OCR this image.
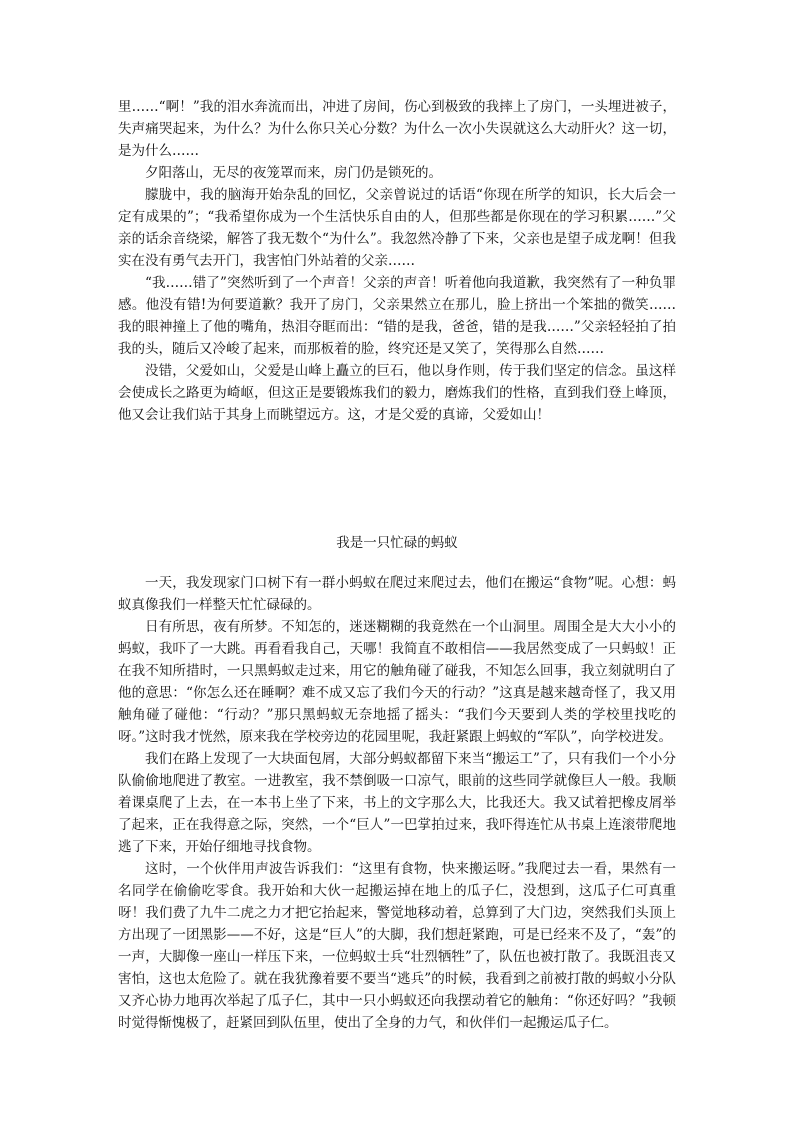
里……“啊！”我的泪水奔流而出，冲进了房间，伤心到极致的我摔上了房门，一头埋进被子，失声痛哭起来，为什么？为什么你只关心分数？为什么一次小失误就这么大动肝火？这一切，是为什么……

夕阳落山，无尽的夜笼罩而来，房门仍是锁死的。

朦胧中，我的脑海开始杂乱的回忆，父亲曾说过的话语“你现在所学的知识，长大后会一定有成果的”；“我希望你成为一个生活快乐自由的人，但那些都是你现在的学习积累……”父亲的话余音绕梁，解答了我无数个“为什么”。我忽然冷静了下来，父亲也是望子成龙啊！但我实在没有勇气去开门，我害怕门外站着的父亲……

“我……错了”突然听到了一个声音！父亲的声音！听着他向我道歉，我突然有了一种负罪感。他没有错!为何要道歉？我开了房门，父亲果然立在那儿，脸上挤出一个笨拙的微笑……我的眼神撞上了他的嘴角，热泪夺眶而出：“错的是我，爸爸，错的是我……”父亲轻轻拍了拍我的头，随后又冷峻了起来，而那板着的脸，终究还是又笑了，笑得那么自然……

没错，父爱如山，父爱是山峰上矗立的巨石，他以身作则，传于我们坚定的信念。虽这样会使成长之路更为崎岖，但这正是要锻炼我们的毅力，磨炼我们的性格，直到我们登上峰顶，他又会让我们站于其身上而眺望远方。这，才是父爱的真谛，父爱如山！

我是一只忙碌的蚂蚁

一天，我发现家门口树下有一群小蚂蚁在爬过来爬过去，他们在搬运“食物”呢。心想：蚂蚁真像我们一样整天忙忙碌碌的。

日有所思，夜有所梦。不知怎的，迷迷糊糊的我竟然在一个山洞里。周围全是大大小小的蚂蚁，我吓了一大跳。再看看我自己，天哪！我简直不敢相信——我居然变成了一只蚂蚁！正在我不知所措时，一只黑蚂蚁走过来，用它的触角碰了碰我，不知怎么回事，我立刻就明白了他的意思：“你怎么还在睡啊？难不成又忘了我们今天的行动？”这真是越来越奇怪了，我又用触角碰了碰他：“行动？”那只黑蚂蚁无奈地摇了摇头：“我们今天要到人类的学校里找吃的呀。”这时我才恍然，原来我在学校旁边的花园里呢，我赶紧跟上蚂蚁的“军队”，向学校进发。

我们在路上发现了一大块面包屑，大部分蚂蚁都留下来当“搬运工”了，只有我们一个小分队偷偷地爬进了教室。一进教室，我不禁倒吸一口凉气，眼前的这些同学就像巨人一般。我顺着课桌爬了上去，在一本书上坐了下来，书上的文字那么大，比我还大。我又试着把橡皮屑举了起来，正在我得意之际，突然，一个“巨人”一巴掌拍过来，我吓得连忙从书桌上连滚带爬地逃了下来，开始仔细地寻找食物。

这时，一个伙伴用声波告诉我们：“这里有食物，快来搬运呀。”我爬过去一看，果然有一名同学在偷偷吃零食。我开始和大伙一起搬运掉在地上的瓜子仁，没想到，这瓜子仁可真重呀！我们费了九牛二虎之力才把它抬起来，警觉地移动着，总算到了大门边，突然我们头顶上方出现了一团黑影——不好，这是“巨人”的大脚，我们想赶紧跑，可是已经来不及了，“轰”的一声，大脚像一座山一样压下来，一位蚂蚁士兵“壮烈牺牲”了，队伍也被打散了。我既沮丧又害怕，这也太危险了。就在我犹豫着要不要当“逃兵”的时候，我看到之前被打散的蚂蚁小分队又齐心协力地再次举起了瓜子仁，其中一只小蚂蚁还向我摆动着它的触角：“你还好吗？”我顿时觉得惭愧极了，赶紧回到队伍里，使出了全身的力气，和伙伴们一起搬运瓜子仁。
